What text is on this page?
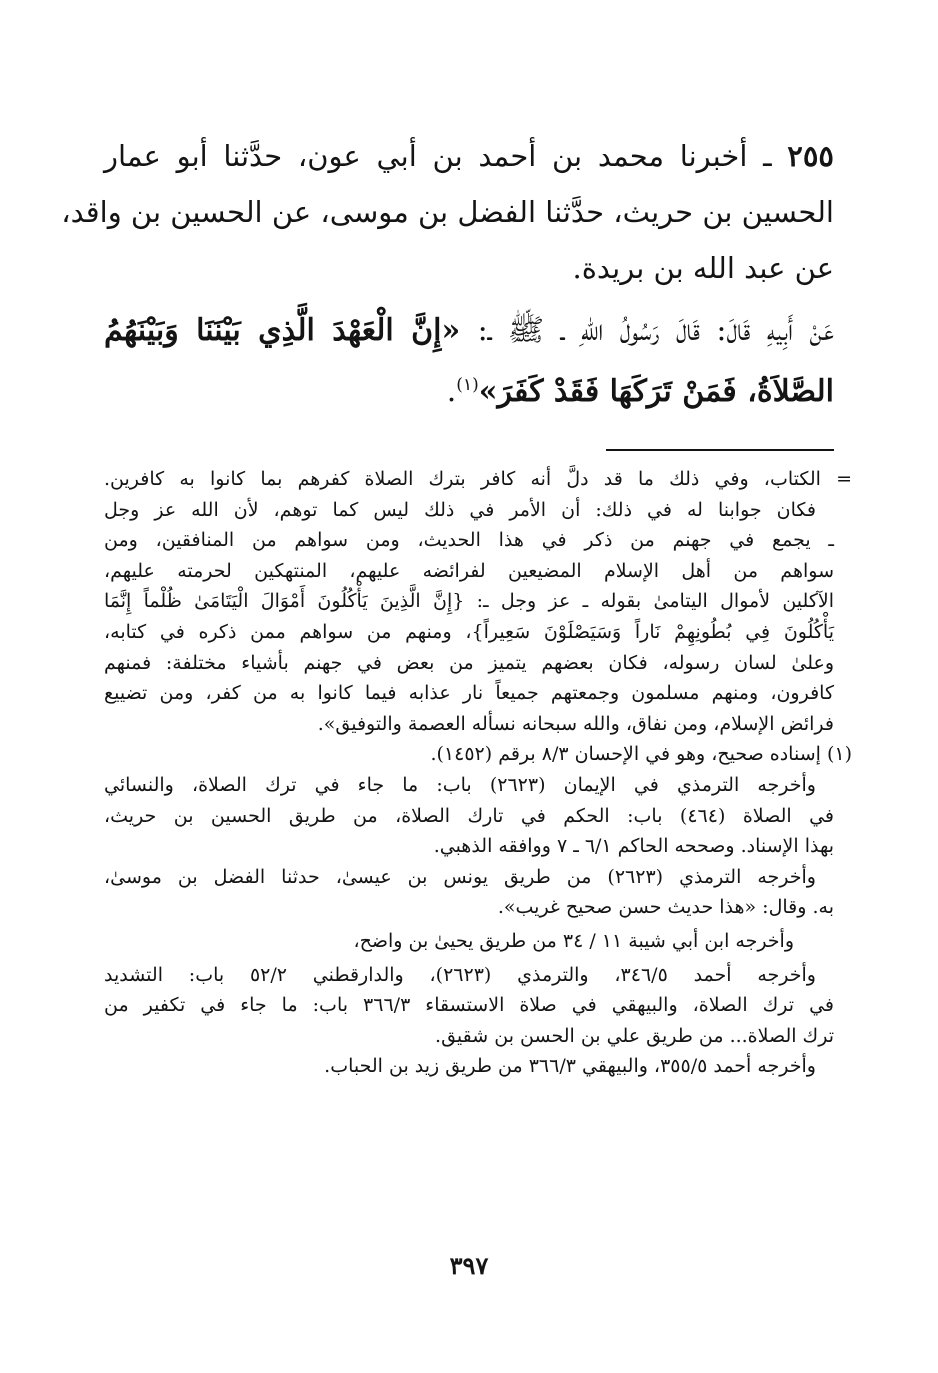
٢٥٥ ـ أخبرنا محمد بن أحمد بن أبي عون، حدَّثنا أبو عمار
الحسين بن حريث، حدَّثنا الفضل بن موسى، عن الحسين بن واقد،
عن عبد الله بن بريدة.
عَنْ أَبِيهِ قَالَ: قَالَ رَسُولُ اللهِ ـ ﷺ ـ: «إِنَّ الْعَهْدَ الَّذِي بَيْنَنَا وَبَيْنَهُمُ
الصَّلاَةُ، فَمَنْ تَرَكَهَا فَقَدْ كَفَرَ»$^{(١)}$.
= الكتاب، وفي ذلك ما قد دلَّ أنه كافر بترك الصلاة كفرهم بما كانوا به كافرين.
فكان جوابنا له في ذلك: أن الأمر في ذلك ليس كما توهم، لأن الله عز وجل
ـ يجمع في جهنم من ذكر في هذا الحديث، ومن سواهم من المنافقين، ومن
سواهم من أهل الإسلام المضيعين لفرائضه عليهم، المنتهكين لحرمته عليهم،
الآكلين لأموال اليتامىٰ بقوله ـ عز وجل ـ: {إِنَّ الَّذِينَ يَأْكُلُونَ أَمْوَالَ الْيَتَامَىٰ ظُلْماً إِنَّمَا
يَأْكُلُونَ فِي بُطُونِهِمْ نَاراً وَسَيَصْلَوْنَ سَعِيراً}، ومنهم من سواهم ممن ذكره في كتابه،
وعلىٰ لسان رسوله، فكان بعضهم يتميز من بعض في جهنم بأشياء مختلفة: فمنهم
كافرون، ومنهم مسلمون وجمعتهم جميعاً نار عذابه فيما كانوا به من كفر، ومن تضييع
فرائض الإسلام، ومن نفاق، والله سبحانه نسأله العصمة والتوفيق».
(١) إسناده صحيح، وهو في الإحسان ٨/٣ برقم (١٤٥٢).
وأخرجه الترمذي في الإيمان (٢٦٢٣) باب: ما جاء في ترك الصلاة، والنسائي
في الصلاة (٤٦٤) باب: الحكم في تارك الصلاة، من طريق الحسين بن حريث،
بهذا الإسناد. وصححه الحاكم ٦/١ ـ ٧ ووافقه الذهبي.
وأخرجه الترمذي (٢٦٢٣) من طريق يونس بن عيسىٰ، حدثنا الفضل بن موسىٰ،
به. وقال: «هذا حديث حسن صحيح غريب».
وأخرجه ابن أبي شيبة ١١ / ٣٤ من طريق يحيىٰ بن واضح،
وأخرجه أحمد ٣٤٦/٥، والترمذي (٢٦٢٣)، والدارقطني ٥٢/٢ باب: التشديد
في ترك الصلاة، والبيهقي في صلاة الاستسقاء ٣٦٦/٣ باب: ما جاء في تكفير من
ترك الصلاة... من طريق علي بن الحسن بن شقيق.
وأخرجه أحمد ٣٥٥/٥، والبيهقي ٣٦٦/٣ من طريق زيد بن الحباب.
٣٩٧
